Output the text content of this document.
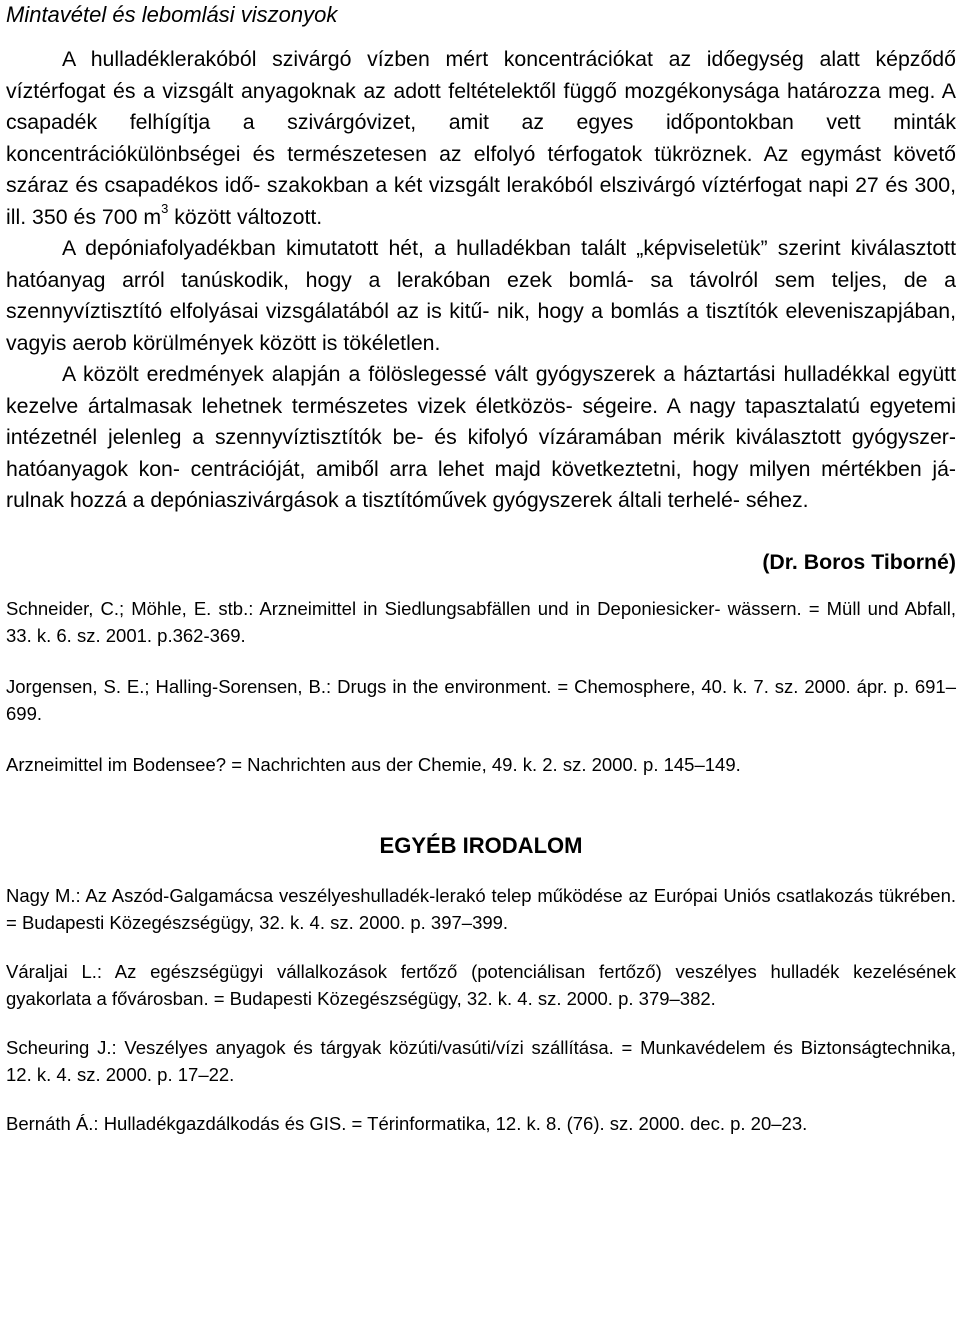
Mintavétel és lebomlási viszonyok

A hulladéklerakóból szivárgó vízben mért koncentrációkat az időegység alatt képződő víztérfogat és a vizsgált anyagoknak az adott feltételektől függő mozgékonysága határozza meg. A csapadék felhígítja a szivárgóvizet, amit az egyes időpontokban vett minták koncentrációkülönbségei és természetesen az elfolyó térfogatok tükröznek. Az egymást követő száraz és csapadékos idő- szakokban a két vizsgált lerakóból elszivárgó víztérfogat napi 27 és 300, ill. 350 és 700 $m^3$ között változott.

A depóniafolyadékban kimutatott hét, a hulladékban talált „képviseletük” szerint kiválasztott hatóanyag arról tanúskodik, hogy a lerakóban ezek bomlá- sa távolról sem teljes, de a szennyvíztisztító elfolyásai vizsgálatából az is kitű- nik, hogy a bomlás a tisztítók eleveniszapjában, vagyis aerob körülmények között is tökéletlen.

A közölt eredmények alapján a fölöslegessé vált gyógyszerek a háztartási hulladékkal együtt kezelve ártalmasak lehetnek természetes vizek életközös- ségeire. A nagy tapasztalatú egyetemi intézetnél jelenleg a szennyvíztisztítók be- és kifolyó vízáramában mérik kiválasztott gyógyszer-hatóanyagok kon- centrációját, amiből arra lehet majd következtetni, hogy milyen mértékben já- rulnak hozzá a depóniaszivárgások a tisztítóművek gyógyszerek általi terhelé- séhez.

(Dr. Boros Tiborné)

Schneider, C.; Möhle, E. stb.: Arzneimittel in Siedlungsabfällen und in Deponiesicker- wässern. = Müll und Abfall, 33. k. 6. sz. 2001. p.362-369.

Jorgensen, S. E.; Halling-Sorensen, B.: Drugs in the environment. = Chemosphere, 40. k. 7. sz. 2000. ápr. p. 691–699.

Arzneimittel im Bodensee? = Nachrichten aus der Chemie, 49. k. 2. sz. 2000. p. 145–149.

EGYÉB IRODALOM

Nagy M.: Az Aszód-Galgamácsa veszélyeshulladék-lerakó telep működése az Európai Uniós csatlakozás tükrében. = Budapesti Közegészségügy, 32. k. 4. sz. 2000. p. 397–399.

Váraljai L.: Az egészségügyi vállalkozások fertőző (potenciálisan fertőző) veszélyes hulladék kezelésének gyakorlata a fővárosban. = Budapesti Közegészségügy, 32. k. 4. sz. 2000. p. 379–382.

Scheuring J.: Veszélyes anyagok és tárgyak közúti/vasúti/vízi szállítása. = Munkavédelem és Biztonságtechnika, 12. k. 4. sz. 2000. p. 17–22.

Bernáth Á.: Hulladékgazdálkodás és GIS. = Térinformatika, 12. k. 8. (76). sz. 2000. dec. p. 20–23.
